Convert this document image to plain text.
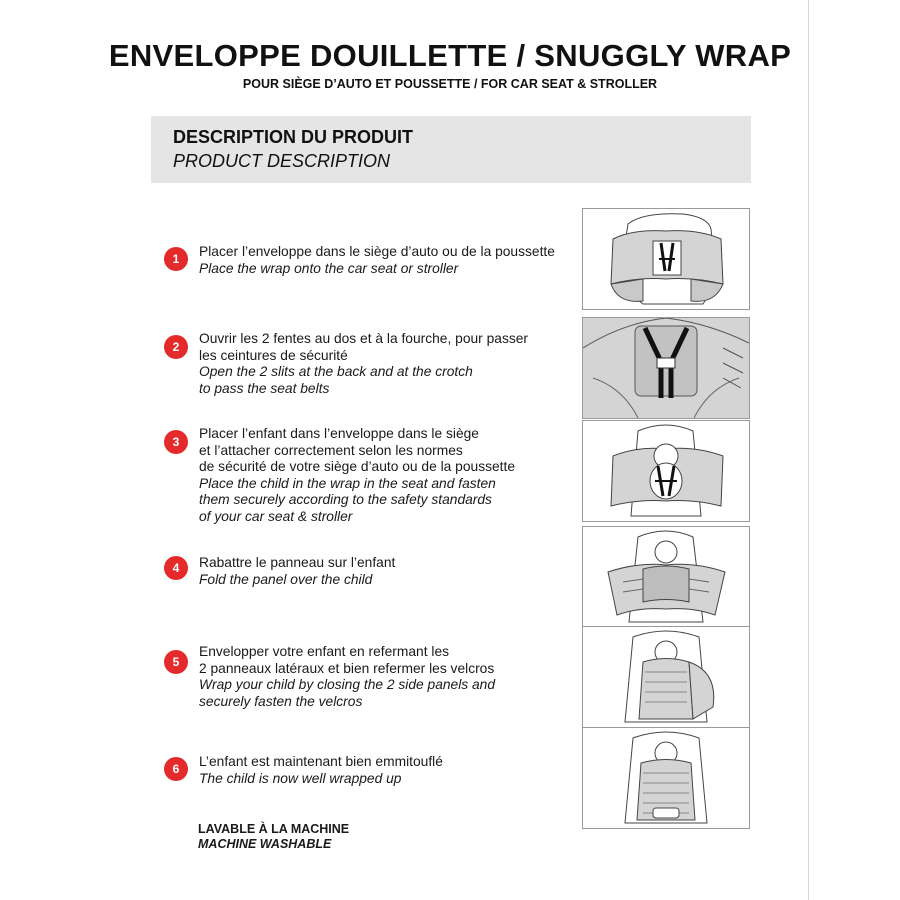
ENVELOPPE DOUILLETTE / SNUGGLY WRAP
POUR SIÈGE D’AUTO ET POUSSETTE / FOR CAR SEAT & STROLLER
DESCRIPTION DU PRODUIT
PRODUCT DESCRIPTION
1	Placer l’enveloppe dans le siège d’auto ou de la poussette
Place the wrap onto the car seat or stroller
2
Ouvrir les 2 fentes au dos et à la fourche, pour passer
les ceintures de sécurité
Open the 2 slits at the back and at the crotch
to pass the seat belts
3
Placer l’enfant dans l’enveloppe dans le siège
et l’attacher correctement selon les normes
de sécurité de votre siège d’auto ou de la poussette
Place the child in the wrap in the seat and fasten
them securely according to the safety standards
of your car seat & stroller
4	Rabattre le panneau sur l’enfant
Fold the panel over the child
5
Envelopper votre enfant en refermant les
2 panneaux latéraux et bien refermer les velcros
Wrap your child by closing the 2 side panels and
securely fasten the velcros
6	L’enfant est maintenant bien emmitouflé
The child is now well wrapped up
LAVABLE À LA MACHINE
MACHINE WASHABLE
